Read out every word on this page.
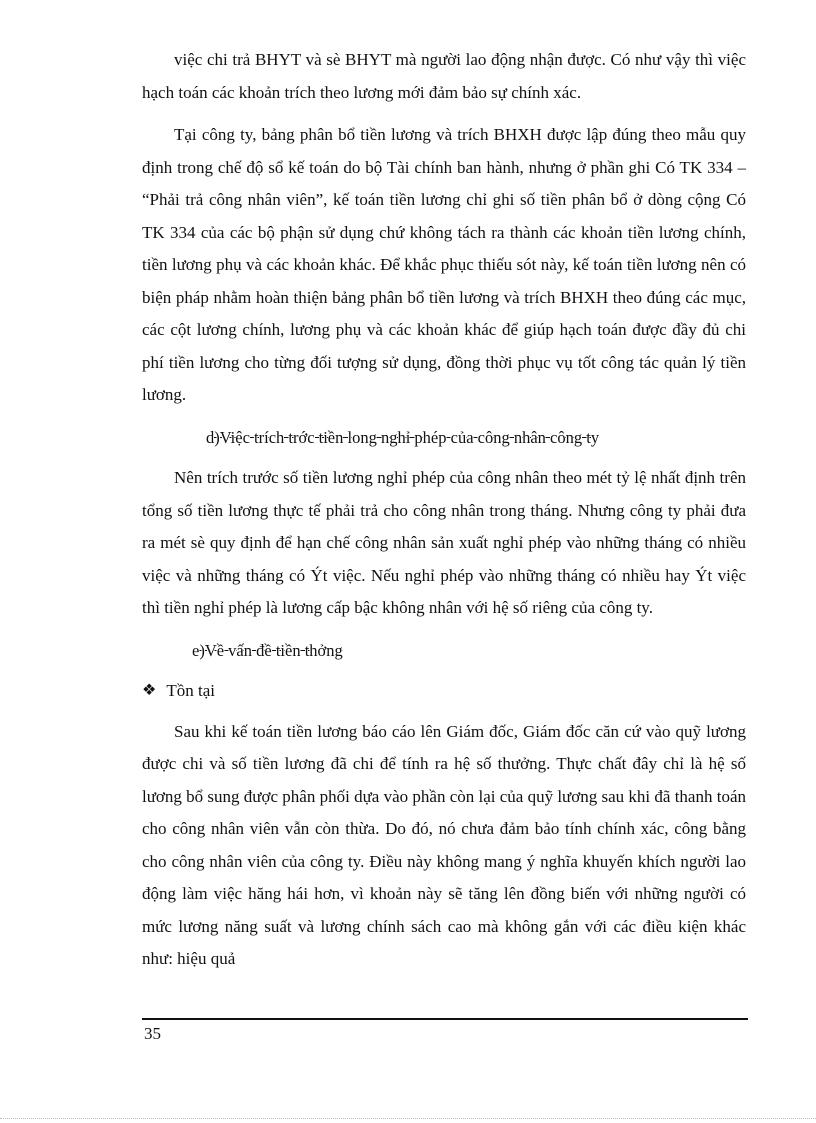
việc chi trả BHYT và sè BHYT mà người lao động nhận được. Có như vậy thì việc hạch toán các khoản trích theo lương mới đảm bảo sự chính xác.

Tại công ty, bảng phân bổ tiền lương và trích BHXH được lập đúng theo mẫu quy định trong chế độ sổ kế toán do bộ Tài chính ban hành, nhưng ở phần ghi Có TK 334 – “Phải trả công nhân viên”, kế toán tiền lương chỉ ghi số tiền phân bổ ở dòng cộng Có TK 334 của các bộ phận sử dụng chứ không tách ra thành các khoản tiền lương chính, tiền lương phụ và các khoản khác. Để khắc phục thiếu sót này, kế toán tiền lương nên có biện pháp nhằm hoàn thiện bảng phân bổ tiền lương và trích BHXH theo đúng các mục, các cột lương chính, lương phụ và các khoản khác để giúp hạch toán được đầy đủ chi phí tiền lương cho từng đối tượng sử dụng, đồng thời phục vụ tốt công tác quản lý tiền lương.

d)Việc trích trớc tiền long nghỉ phép của công nhân công ty

Nên trích trước số tiền lương nghỉ phép của công nhân theo mét tỷ lệ nhất định trên tổng số tiền lương thực tế phải trả cho công nhân trong tháng. Nhưng công ty phải đưa ra mét sè quy định để hạn chế công nhân sản xuất nghỉ phép vào những tháng có nhiều việc và những tháng có Ýt việc. Nếu nghỉ phép vào những tháng có nhiều hay Ýt việc thì tiền nghỉ phép là lương cấp bậc không nhân với hệ số riêng của công ty.

e)Về vấn đề tiền thởng

❖ Tồn tại

Sau khi kế toán tiền lương báo cáo lên Giám đốc, Giám đốc căn cứ vào quỹ lương được chi và số tiền lương đã chi để tính ra hệ số thưởng. Thực chất đây chỉ là hệ số lương bổ sung được phân phối dựa vào phần còn lại của quỹ lương sau khi đã thanh toán cho công nhân viên vẫn còn thừa. Do đó, nó chưa đảm bảo tính chính xác, công bằng cho công nhân viên của công ty. Điều này không mang ý nghĩa khuyến khích người lao động làm việc hăng hái hơn, vì khoản này sẽ tăng lên đồng biến với những người có mức lương năng suất và lương chính sách cao mà không gắn với các điều kiện khác như: hiệu quả

35
